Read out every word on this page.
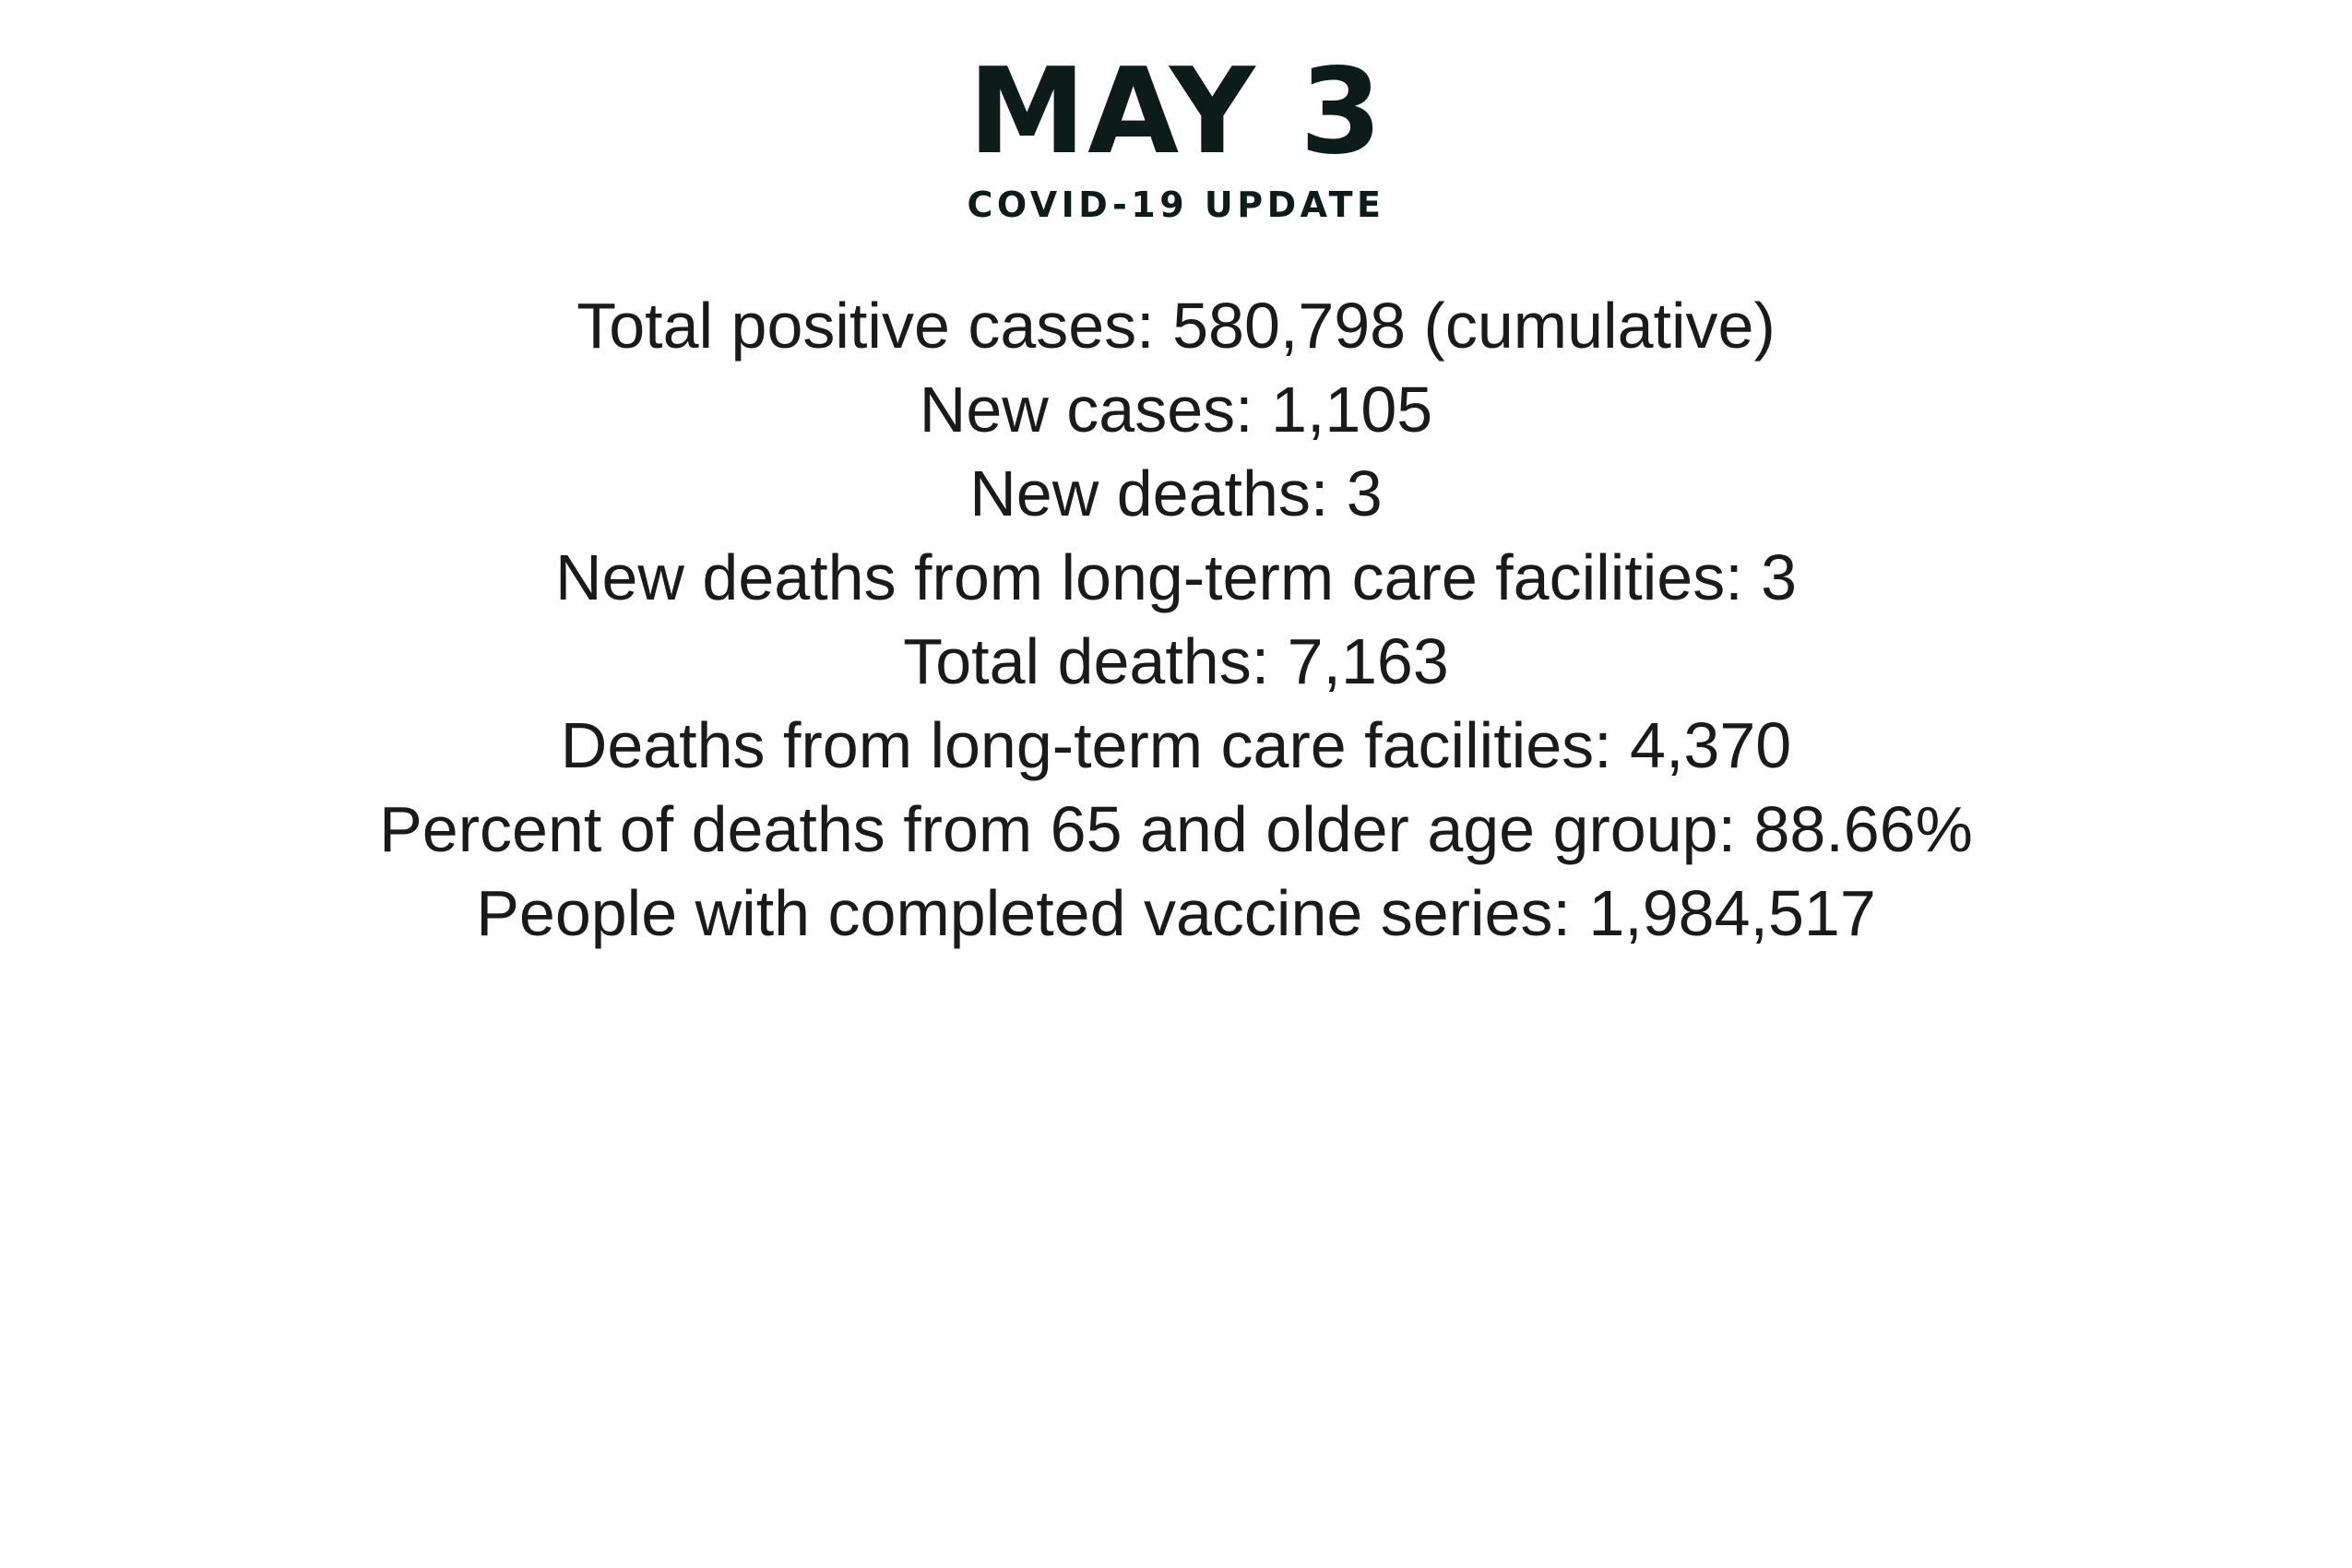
MAY 3
COVID-19 UPDATE
Total positive cases: 580,798 (cumulative)
New cases: 1,105
New deaths: 3
New deaths from long-term care facilities: 3
Total deaths: 7,163
Deaths from long-term care facilities: 4,370
Percent of deaths from 65 and older age group: 88.66%
People with completed vaccine series: 1,984,517
